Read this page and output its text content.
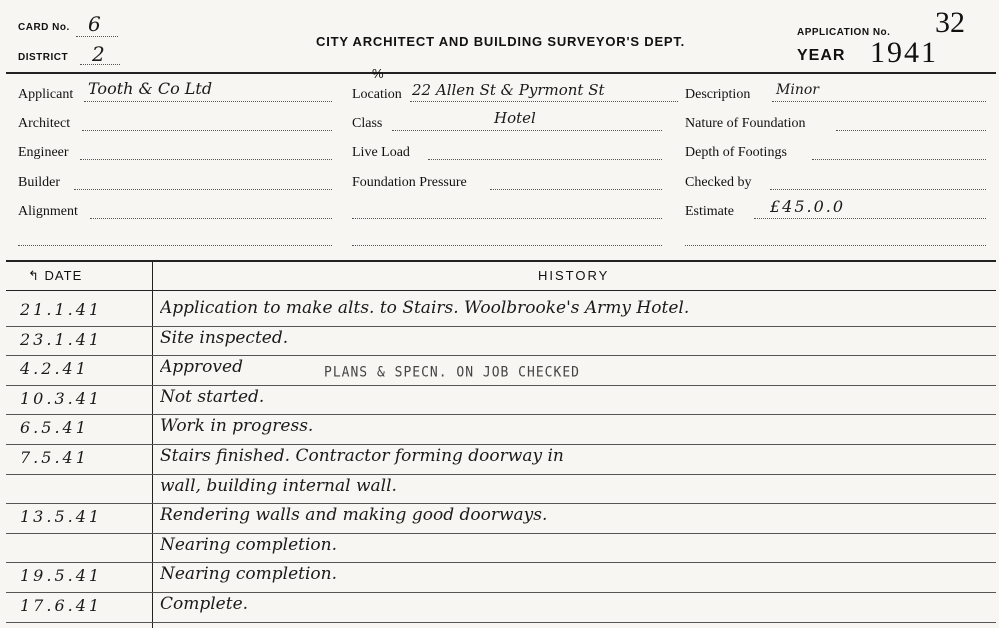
CARD No. 6
DISTRICT 2
CITY ARCHITECT AND BUILDING SURVEYOR'S DEPT.
APPLICATION No. 32
YEAR 1941
Applicant Tooth & Co Ltd
Architect
Engineer
Builder
Alignment
%
Location 22 Allen St & Pyrmont St
Class	Hotel
Live Load
Foundation Pressure
Description Minor
Nature of Foundation
Depth of Footings
Checked by
Estimate £45.0.0
↰ DATE	HISTORY
21.1.41	Application to make alts. to Stairs. Woolbrooke's Army Hotel.
23.1.41	Site inspected.
4.2.41	Approved
10.3.41	Not started.
6.5.41	Work in progress.
7.5.41	Stairs finished. Contractor forming doorway in
wall, building internal wall.
13.5.41	Rendering walls and making good doorways.
Nearing completion.
19.5.41	Nearing completion.
17.6.41	Complete.
PLANS & SPECN. ON JOB CHECKED
